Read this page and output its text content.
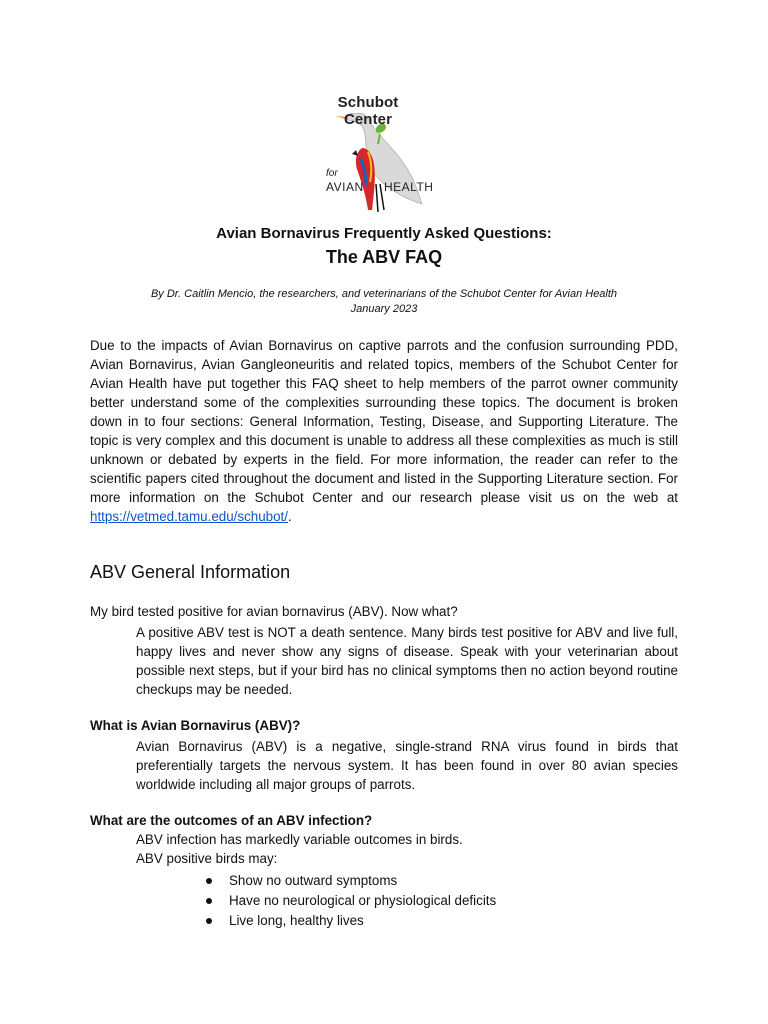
Schubot Center
for
AVIAN HEALTH
Avian Bornavirus Frequently Asked Questions:
The ABV FAQ
By Dr. Caitlin Mencio, the researchers, and veterinarians of the Schubot Center for Avian Health
January 2023

Due to the impacts of Avian Bornavirus on captive parrots and the confusion surrounding PDD, Avian Bornavirus, Avian Gangleoneuritis and related topics, members of the Schubot Center for Avian Health have put together this FAQ sheet to help members of the parrot owner community better understand some of the complexities surrounding these topics. The document is broken down in to four sections: General Information, Testing, Disease, and Supporting Literature. The topic is very complex and this document is unable to address all these complexities as much is still unknown or debated by experts in the field. For more information, the reader can refer to the scientific papers cited throughout the document and listed in the Supporting Literature section. For more information on the Schubot Center and our research please visit us on the web at https://vetmed.tamu.edu/schubot/.

ABV General Information

My bird tested positive for avian bornavirus (ABV). Now what?

A positive ABV test is NOT a death sentence. Many birds test positive for ABV and live full, happy lives and never show any signs of disease. Speak with your veterinarian about possible next steps, but if your bird has no clinical symptoms then no action beyond routine checkups may be needed.

What is Avian Bornavirus (ABV)?

Avian Bornavirus (ABV) is a negative, single-strand RNA virus found in birds that preferentially targets the nervous system. It has been found in over 80 avian species worldwide including all major groups of parrots.

What are the outcomes of an ABV infection?

ABV infection has markedly variable outcomes in birds.

ABV positive birds may:

Show no outward symptoms
Have no neurological or physiological deficits
Live long, healthy lives
